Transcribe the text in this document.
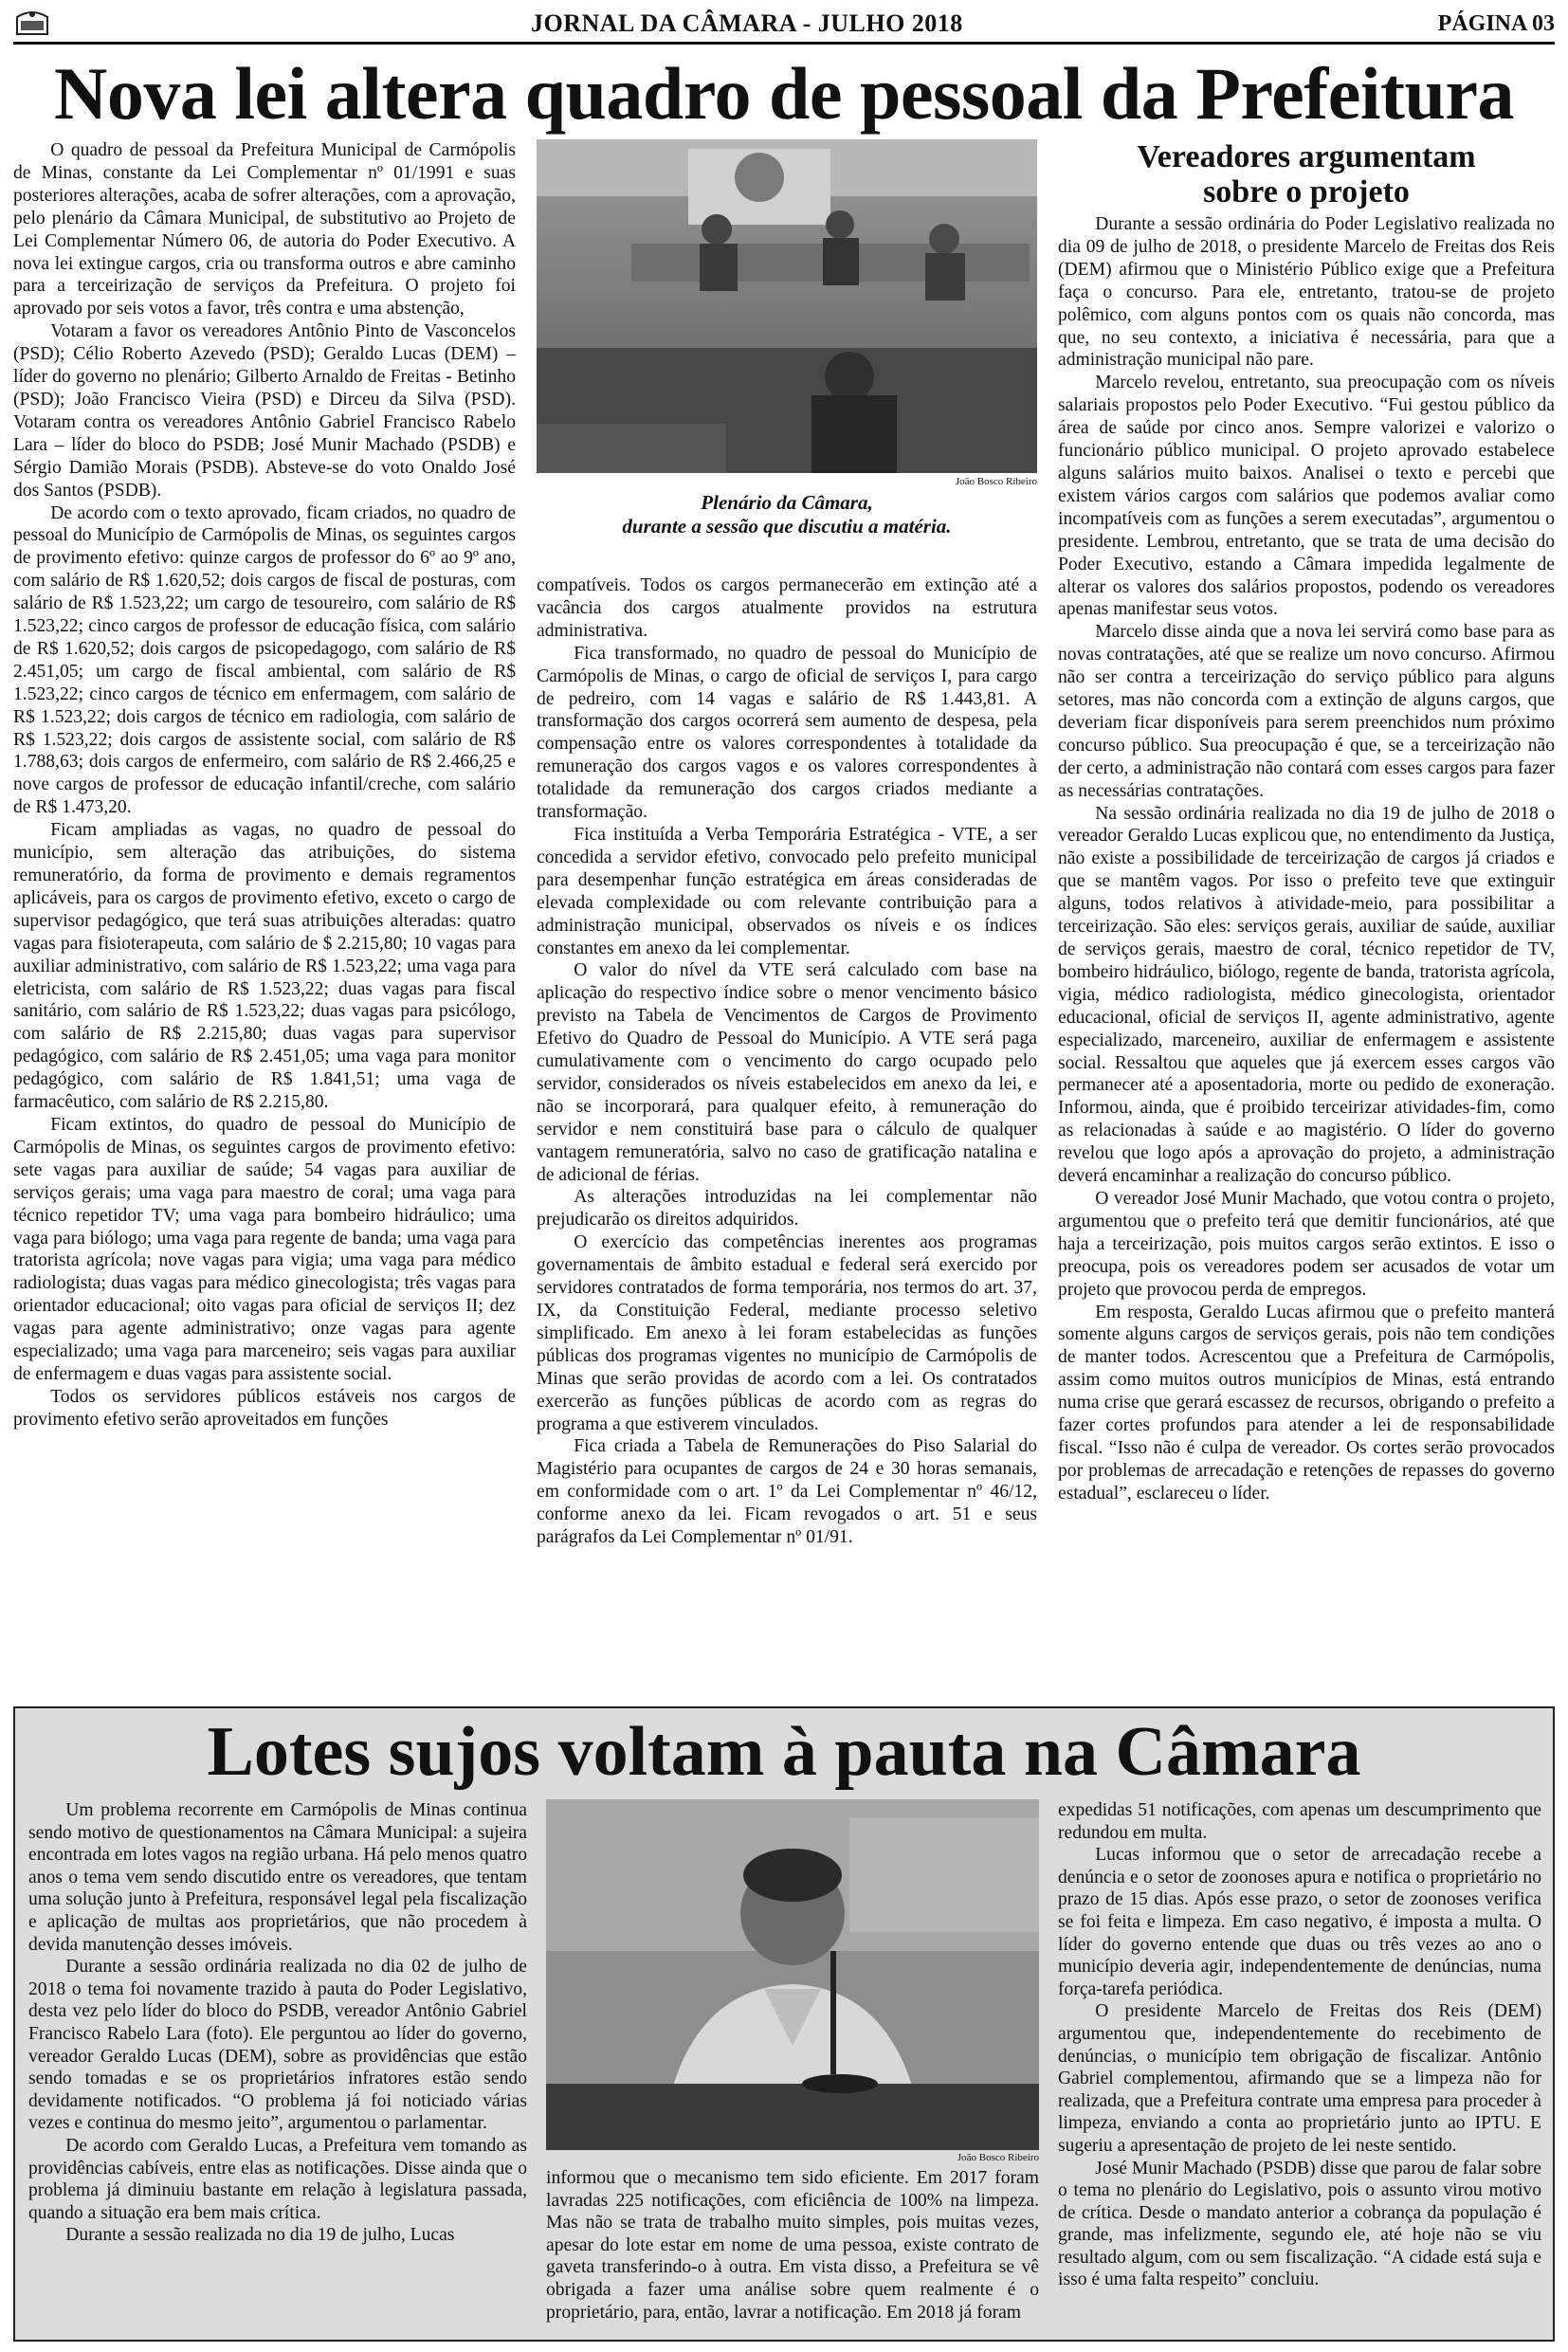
JORNAL DA CÂMARA - JULHO 2018	PÁGINA 03
Nova lei altera quadro de pessoal da Prefeitura

O quadro de pessoal da Prefeitura Municipal de Carmópolis de Minas, constante da Lei Complementar nº 01/1991 e suas posteriores alterações, acaba de sofrer alterações, com a aprovação, pelo plenário da Câmara Municipal, de substitutivo ao Projeto de Lei Complementar Número 06, de autoria do Poder Executivo. A nova lei extingue cargos, cria ou transforma outros e abre caminho para a terceirização de serviços da Prefeitura. O projeto foi aprovado por seis votos a favor, três contra e uma abstenção,

Votaram a favor os vereadores Antônio Pinto de Vasconcelos (PSD); Célio Roberto Azevedo (PSD); Geraldo Lucas (DEM) – líder do governo no plenário; Gilberto Arnaldo de Freitas - Betinho (PSD); João Francisco Vieira (PSD) e Dirceu da Silva (PSD). Votaram contra os vereadores Antônio Gabriel Francisco Rabelo Lara – líder do bloco do PSDB; José Munir Machado (PSDB) e Sérgio Damião Morais (PSDB). Absteve-se do voto Onaldo José dos Santos (PSDB).

De acordo com o texto aprovado, ficam criados, no quadro de pessoal do Município de Carmópolis de Minas, os seguintes cargos de provimento efetivo: quinze cargos de professor do 6º ao 9º ano, com salário de R$ 1.620,52; dois cargos de fiscal de posturas, com salário de R$ 1.523,22; um cargo de tesoureiro, com salário de R$ 1.523,22; cinco cargos de professor de educação física, com salário de R$ 1.620,52; dois cargos de psicopedagogo, com salário de R$ 2.451,05; um cargo de fiscal ambiental, com salário de R$ 1.523,22; cinco cargos de técnico em enfermagem, com salário de R$ 1.523,22; dois cargos de técnico em radiologia, com salário de R$ 1.523,22; dois cargos de assistente social, com salário de R$ 1.788,63; dois cargos de enfermeiro, com salário de R$ 2.466,25 e nove cargos de professor de educação infantil/creche, com salário de R$ 1.473,20.

Ficam ampliadas as vagas, no quadro de pessoal do município, sem alteração das atribuições, do sistema remuneratório, da forma de provimento e demais regramentos aplicáveis, para os cargos de provimento efetivo, exceto o cargo de supervisor pedagógico, que terá suas atribuições alteradas: quatro vagas para fisioterapeuta, com salário de $ 2.215,80; 10 vagas para auxiliar administrativo, com salário de R$ 1.523,22; uma vaga para eletricista, com salário de R$ 1.523,22; duas vagas para fiscal sanitário, com salário de R$ 1.523,22; duas vagas para psicólogo, com salário de R$ 2.215,80; duas vagas para supervisor pedagógico, com salário de R$ 2.451,05; uma vaga para monitor pedagógico, com salário de R$ 1.841,51; uma vaga de farmacêutico, com salário de R$ 2.215,80.

Ficam extintos, do quadro de pessoal do Município de Carmópolis de Minas, os seguintes cargos de provimento efetivo: sete vagas para auxiliar de saúde; 54 vagas para auxiliar de serviços gerais; uma vaga para maestro de coral; uma vaga para técnico repetidor TV; uma vaga para bombeiro hidráulico; uma vaga para biólogo; uma vaga para regente de banda; uma vaga para tratorista agrícola; nove vagas para vigia; uma vaga para médico radiologista; duas vagas para médico ginecologista; três vagas para orientador educacional; oito vagas para oficial de serviços II; dez vagas para agente administrativo; onze vagas para agente especializado; uma vaga para marceneiro; seis vagas para auxiliar de enfermagem e duas vagas para assistente social.

Todos os servidores públicos estáveis nos cargos de provimento efetivo serão aproveitados em funções

João Bosco Ribeiro
Plenário da Câmara,
durante a sessão que discutiu a matéria.

compatíveis. Todos os cargos permanecerão em extinção até a vacância dos cargos atualmente providos na estrutura administrativa.

Fica transformado, no quadro de pessoal do Município de Carmópolis de Minas, o cargo de oficial de serviços I, para cargo de pedreiro, com 14 vagas e salário de R$ 1.443,81. A transformação dos cargos ocorrerá sem aumento de despesa, pela compensação entre os valores correspondentes à totalidade da remuneração dos cargos vagos e os valores correspondentes à totalidade da remuneração dos cargos criados mediante a transformação.

Fica instituída a Verba Temporária Estratégica - VTE, a ser concedida a servidor efetivo, convocado pelo prefeito municipal para desempenhar função estratégica em áreas consideradas de elevada complexidade ou com relevante contribuição para a administração municipal, observados os níveis e os índices constantes em anexo da lei complementar.

O valor do nível da VTE será calculado com base na aplicação do respectivo índice sobre o menor vencimento básico previsto na Tabela de Vencimentos de Cargos de Provimento Efetivo do Quadro de Pessoal do Município. A VTE será paga cumulativamente com o vencimento do cargo ocupado pelo servidor, considerados os níveis estabelecidos em anexo da lei, e não se incorporará, para qualquer efeito, à remuneração do servidor e nem constituirá base para o cálculo de qualquer vantagem remuneratória, salvo no caso de gratificação natalina e de adicional de férias.

As alterações introduzidas na lei complementar não prejudicarão os direitos adquiridos.

O exercício das competências inerentes aos programas governamentais de âmbito estadual e federal será exercido por servidores contratados de forma temporária, nos termos do art. 37, IX, da Constituição Federal, mediante processo seletivo simplificado. Em anexo à lei foram estabelecidas as funções públicas dos programas vigentes no município de Carmópolis de Minas que serão providas de acordo com a lei. Os contratados exercerão as funções públicas de acordo com as regras do programa a que estiverem vinculados.

Fica criada a Tabela de Remunerações do Piso Salarial do Magistério para ocupantes de cargos de 24 e 30 horas semanais, em conformidade com o art. 1º da Lei Complementar nº 46/12, conforme anexo da lei. Ficam revogados o art. 51 e seus parágrafos da Lei Complementar nº 01/91.

Vereadores argumentam
sobre o projeto

Durante a sessão ordinária do Poder Legislativo realizada no dia 09 de julho de 2018, o presidente Marcelo de Freitas dos Reis (DEM) afirmou que o Ministério Público exige que a Prefeitura faça o concurso. Para ele, entretanto, tratou-se de projeto polêmico, com alguns pontos com os quais não concorda, mas que, no seu contexto, a iniciativa é necessária, para que a administração municipal não pare.

Marcelo revelou, entretanto, sua preocupação com os níveis salariais propostos pelo Poder Executivo. “Fui gestou público da área de saúde por cinco anos. Sempre valorizei e valorizo o funcionário público municipal. O projeto aprovado estabelece alguns salários muito baixos. Analisei o texto e percebi que existem vários cargos com salários que podemos avaliar como incompatíveis com as funções a serem executadas”, argumentou o presidente. Lembrou, entretanto, que se trata de uma decisão do Poder Executivo, estando a Câmara impedida legalmente de alterar os valores dos salários propostos, podendo os vereadores apenas manifestar seus votos.

Marcelo disse ainda que a nova lei servirá como base para as novas contratações, até que se realize um novo concurso. Afirmou não ser contra a terceirização do serviço público para alguns setores, mas não concorda com a extinção de alguns cargos, que deveriam ficar disponíveis para serem preenchidos num próximo concurso público. Sua preocupação é que, se a terceirização não der certo, a administração não contará com esses cargos para fazer as necessárias contratações.

Na sessão ordinária realizada no dia 19 de julho de 2018 o vereador Geraldo Lucas explicou que, no entendimento da Justiça, não existe a possibilidade de terceirização de cargos já criados e que se mantêm vagos. Por isso o prefeito teve que extinguir alguns, todos relativos à atividade-meio, para possibilitar a terceirização. São eles: serviços gerais, auxiliar de saúde, auxiliar de serviços gerais, maestro de coral, técnico repetidor de TV, bombeiro hidráulico, biólogo, regente de banda, tratorista agrícola, vigia, médico radiologista, médico ginecologista, orientador educacional, oficial de serviços II, agente administrativo, agente especializado, marceneiro, auxiliar de enfermagem e assistente social. Ressaltou que aqueles que já exercem esses cargos vão permanecer até a aposentadoria, morte ou pedido de exoneração. Informou, ainda, que é proibido terceirizar atividades-fim, como as relacionadas à saúde e ao magistério. O líder do governo revelou que logo após a aprovação do projeto, a administração deverá encaminhar a realização do concurso público.

O vereador José Munir Machado, que votou contra o projeto, argumentou que o prefeito terá que demitir funcionários, até que haja a terceirização, pois muitos cargos serão extintos. E isso o preocupa, pois os vereadores podem ser acusados de votar um projeto que provocou perda de empregos.

Em resposta, Geraldo Lucas afirmou que o prefeito manterá somente alguns cargos de serviços gerais, pois não tem condições de manter todos. Acrescentou que a Prefeitura de Carmópolis, assim como muitos outros municípios de Minas, está entrando numa crise que gerará escassez de recursos, obrigando o prefeito a fazer cortes profundos para atender a lei de responsabilidade fiscal. “Isso não é culpa de vereador. Os cortes serão provocados por problemas de arrecadação e retenções de repasses do governo estadual”, esclareceu o líder.

Lotes sujos voltam à pauta na Câmara

Um problema recorrente em Carmópolis de Minas continua sendo motivo de questionamentos na Câmara Municipal: a sujeira encontrada em lotes vagos na região urbana. Há pelo menos quatro anos o tema vem sendo discutido entre os vereadores, que tentam uma solução junto à Prefeitura, responsável legal pela fiscalização e aplicação de multas aos proprietários, que não procedem à devida manutenção desses imóveis.

Durante a sessão ordinária realizada no dia 02 de julho de 2018 o tema foi novamente trazido à pauta do Poder Legislativo, desta vez pelo líder do bloco do PSDB, vereador Antônio Gabriel Francisco Rabelo Lara (foto). Ele perguntou ao líder do governo, vereador Geraldo Lucas (DEM), sobre as providências que estão sendo tomadas e se os proprietários infratores estão sendo devidamente notificados. “O problema já foi noticiado várias vezes e continua do mesmo jeito”, argumentou o parlamentar.

De acordo com Geraldo Lucas, a Prefeitura vem tomando as providências cabíveis, entre elas as notificações. Disse ainda que o problema já diminuiu bastante em relação à legislatura passada, quando a situação era bem mais crítica.

Durante a sessão realizada no dia 19 de julho, Lucas

João Bosco Ribeiro

informou que o mecanismo tem sido eficiente. Em 2017 foram lavradas 225 notificações, com eficiência de 100% na limpeza. Mas não se trata de trabalho muito simples, pois muitas vezes, apesar do lote estar em nome de uma pessoa, existe contrato de gaveta transferindo-o à outra. Em vista disso, a Prefeitura se vê obrigada a fazer uma análise sobre quem realmente é o proprietário, para, então, lavrar a notificação. Em 2018 já foram

expedidas 51 notificações, com apenas um descumprimento que redundou em multa.

Lucas informou que o setor de arrecadação recebe a denúncia e o setor de zoonoses apura e notifica o proprietário no prazo de 15 dias. Após esse prazo, o setor de zoonoses verifica se foi feita e limpeza. Em caso negativo, é imposta a multa. O líder do governo entende que duas ou três vezes ao ano o município deveria agir, independentemente de denúncias, numa força-tarefa periódica.

O presidente Marcelo de Freitas dos Reis (DEM) argumentou que, independentemente do recebimento de denúncias, o município tem obrigação de fiscalizar. Antônio Gabriel complementou, afirmando que se a limpeza não for realizada, que a Prefeitura contrate uma empresa para proceder à limpeza, enviando a conta ao proprietário junto ao IPTU. E sugeriu a apresentação de projeto de lei neste sentido.

José Munir Machado (PSDB) disse que parou de falar sobre o tema no plenário do Legislativo, pois o assunto virou motivo de crítica. Desde o mandato anterior a cobrança da população é grande, mas infelizmente, segundo ele, até hoje não se viu resultado algum, com ou sem fiscalização. “A cidade está suja e isso é uma falta respeito” concluiu.
